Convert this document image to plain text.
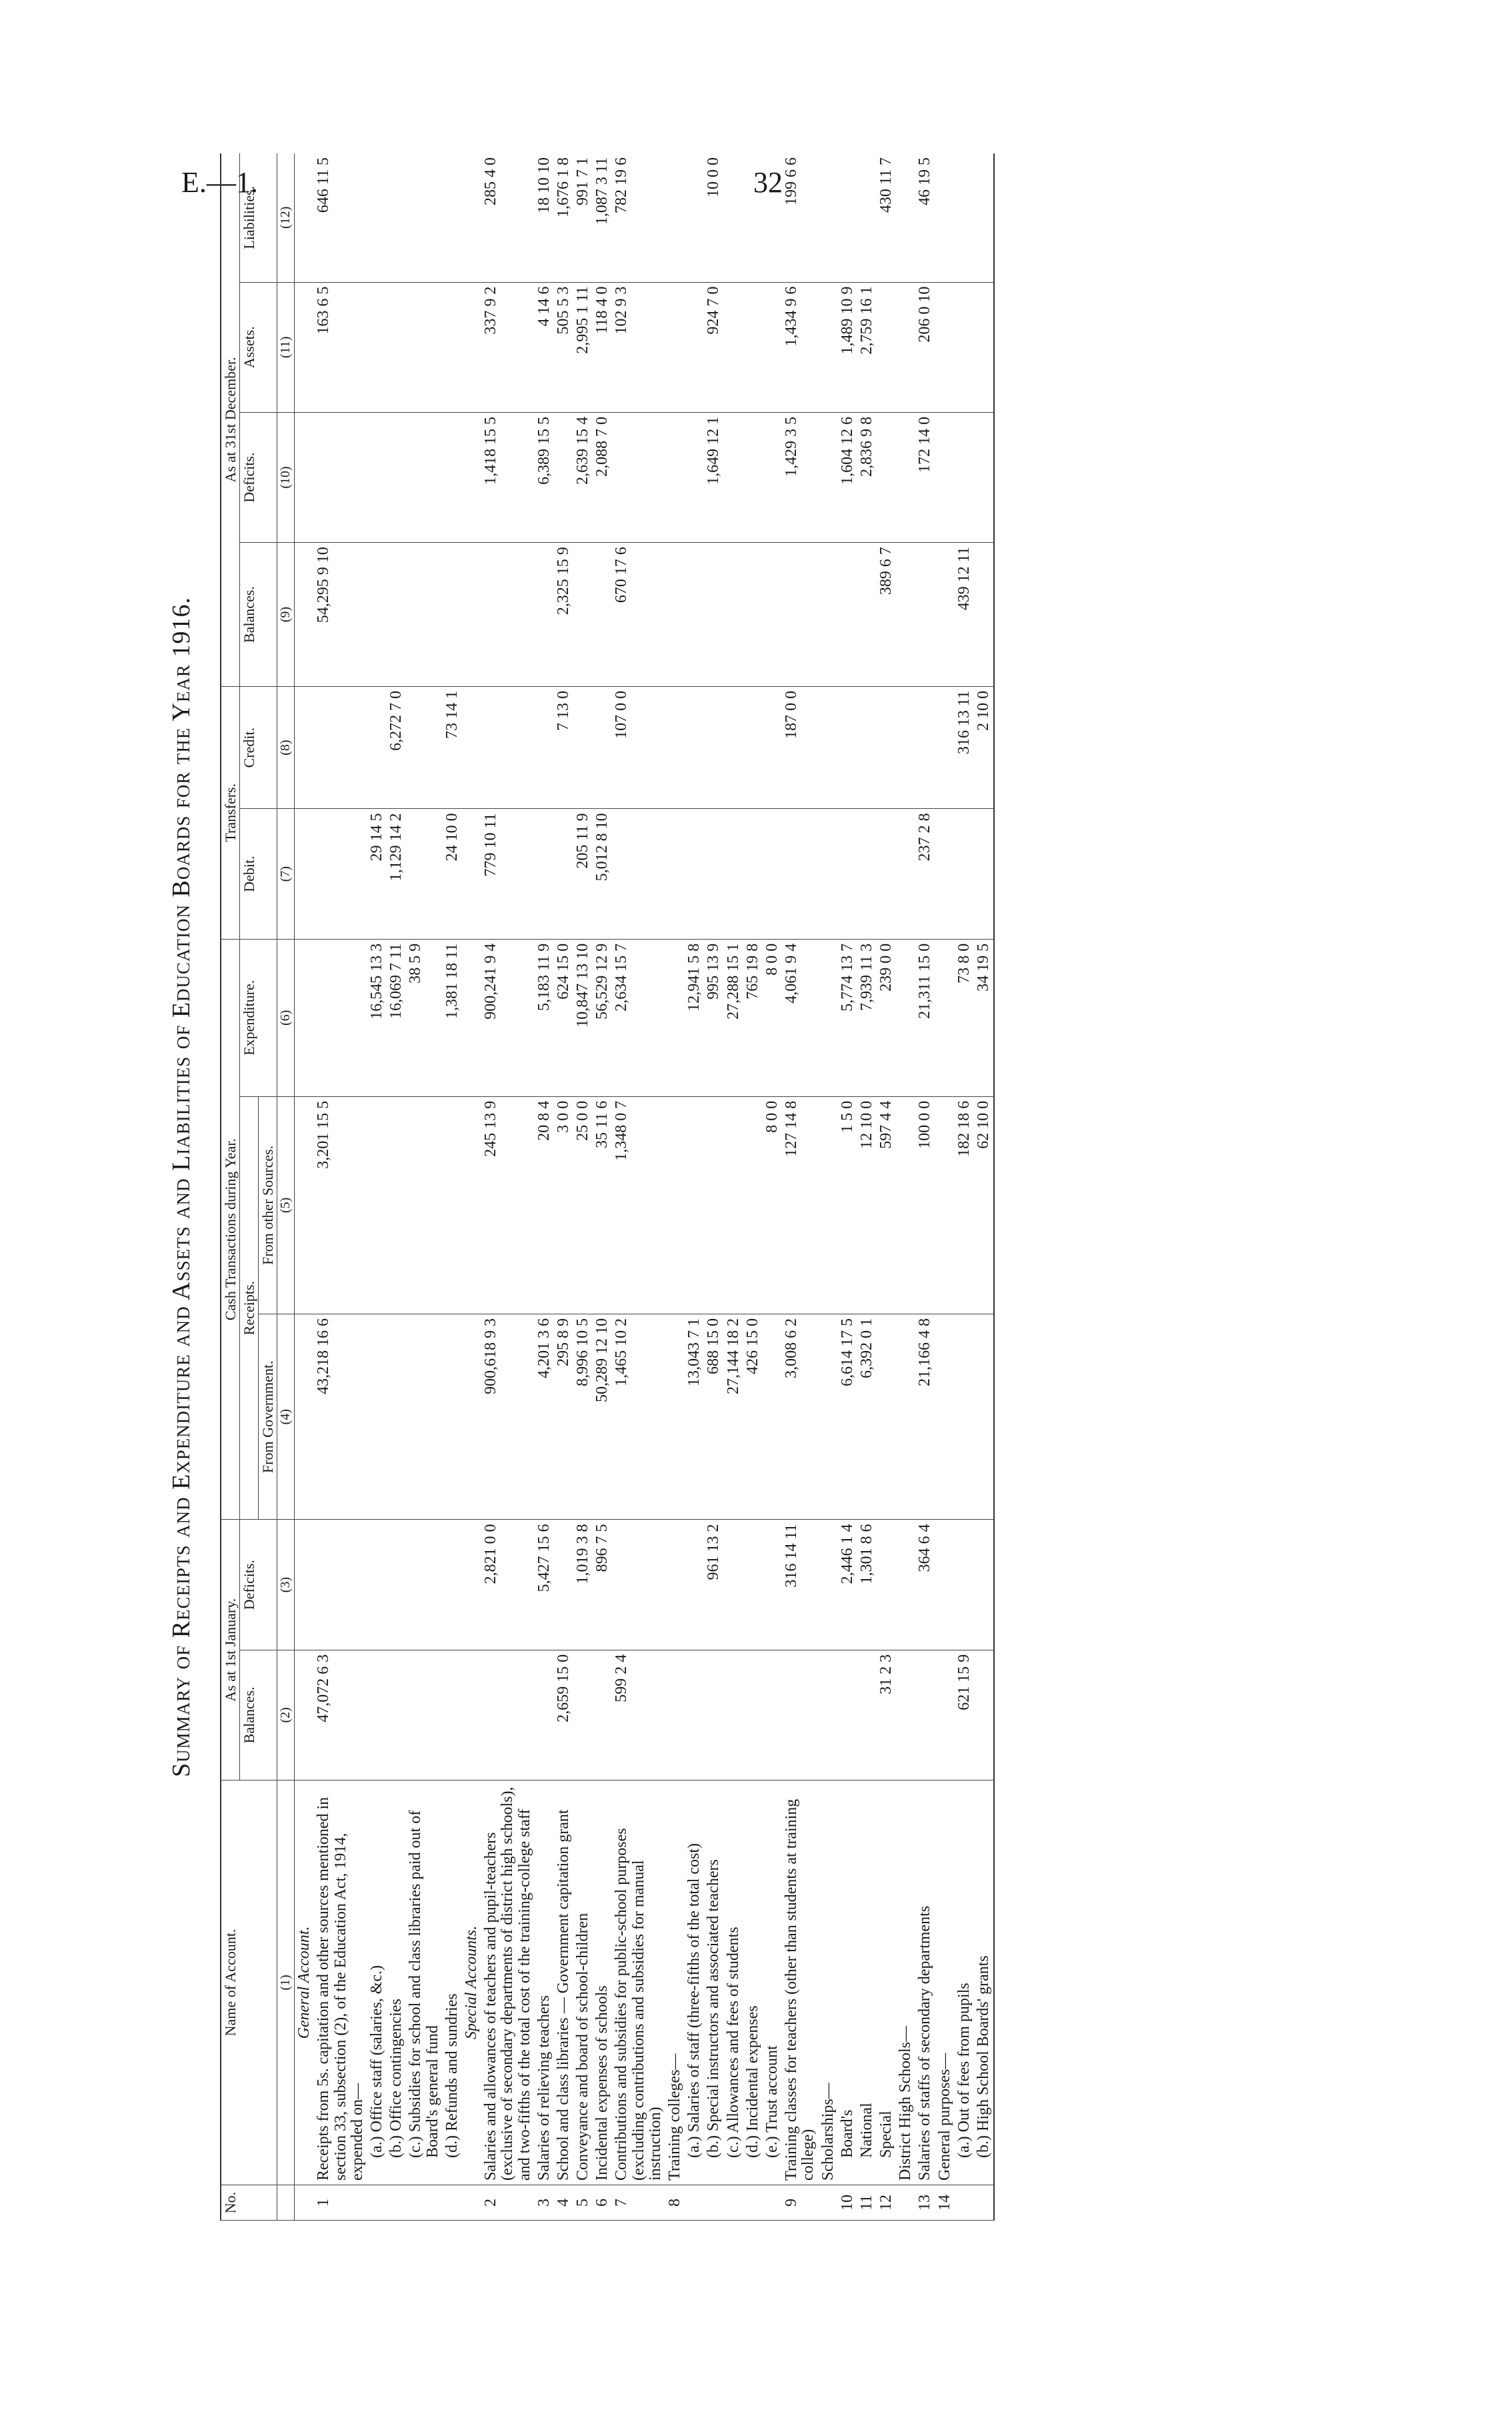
E.—1.	32
Summary of Receipts and Expenditure and Assets and Liabilities of Education Boards for the Year 1916.
No.	Name of Account.	As at 1st January.		Cash Transactions during Year.			Transfers.		As at 31st December.			
		Balances.	Deficits.	Receipts.		Expenditure.	Debit.	Credit.	Balances.	Deficits.	Assets.	Liabilities.
				From Government.	From other Sources.							
	(1)	(2)	(3)	(4)	(5)	(6)	(7)	(8)	(9)	(10)	(11)	(12)
	General Account.											
1	Receipts from 5s. capitation and other sources mentioned in section 33, subsection (2), of the Education Act, 1914, expended on—	47,072 6 3		43,218 16 6	3,201 15 5				54,295 9 10		163 6 5	646 11 5
	(a.) Office staff (salaries, &c.)					16,545 13 3	29 14 5					
	(b.) Office contingencies					16,069 7 11	1,129 14 2	6,272 7 0				
	(c.) Subsidies for school and class libraries paid out of Board's general fund					38 5 9						
	(d.) Refunds and sundries					1,381 18 11	24 10 0	73 14 1				
	Special Accounts.											
2	Salaries and allowances of teachers and pupil-teachers (exclusive of secondary departments of district high schools), and two-fifths of the total cost of the training-college staff		2,821 0 0	900,618 9 3	245 13 9	900,241 9 4	779 10 11			1,418 15 5	337 9 2	285 4 0
3	Salaries of relieving teachers		5,427 15 6	4,201 3 6	20 8 4	5,183 11 9				6,389 15 5	4 14 6	18 10 10
4	School and class libraries — Government capitation grant	2,659 15 0		295 8 9	3 0 0	624 15 0		7 13 0	2,325 15 9		505 5 3	1,676 1 8
5	Conveyance and board of school-children		1,019 3 8	8,996 10 5	25 0 0	10,847 13 10	205 11 9			2,639 15 4	2,995 1 11	991 7 1
6	Incidental expenses of schools		896 7 5	50,289 12 10	35 11 6	56,529 12 9	5,012 8 10			2,088 7 0	118 4 0	1,087 3 11
7	Contributions and subsidies for public-school purposes (excluding contributions and subsidies for manual instruction)	599 2 4		1,465 10 2	1,348 0 7	2,634 15 7		107 0 0	670 17 6		102 9 3	782 19 6
8	Training colleges—											
	(a.) Salaries of staff (three-fifths of the total cost)			13,043 7 1		12,941 5 8						
	(b.) Special instructors and associated teachers		961 13 2	688 15 0		995 13 9				1,649 12 1	924 7 0	10 0 0
	(c.) Allowances and fees of students			27,144 18 2		27,288 15 1						
	(d.) Incidental expenses			426 15 0		765 19 8						
	(e.) Trust account				8 0 0	8 0 0						
9	Training classes for teachers (other than students at training college)		316 14 11	3,008 6 2	127 14 8	4,061 9 4		187 0 0		1,429 3 5	1,434 9 6	199 6 6
	Scholarships—											
10	Board's		2,446 1 4	6,614 17 5	1 5 0	5,774 13 7				1,604 12 6	1,489 10 9	
11	National		1,301 8 6	6,392 0 1	12 10 0	7,939 11 3				2,836 9 8	2,759 16 1	
12	Special	31 2 3			597 4 4	239 0 0			389 6 7			430 11 7
	District High Schools—											
13	Salaries of staffs of secondary departments		364 6 4	21,166 4 8	100 0 0	21,311 15 0	237 2 8			172 14 0	206 0 10	46 19 5
14	General purposes—											
	(a.) Out of fees from pupils	621 15 9			182 18 6	73 8 0		316 13 11	439 12 11			
	(b.) High School Boards' grants				62 10 0	34 19 5		2 10 0				
